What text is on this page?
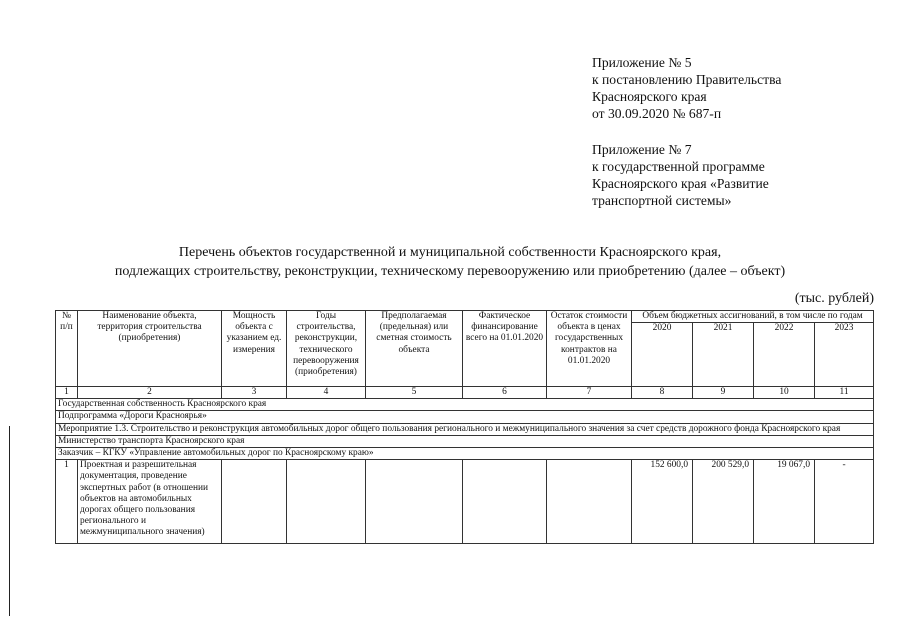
Приложение № 5
к постановлению Правительства
Красноярского края
от 30.09.2020 № 687-п
Приложение № 7
к государственной программе
Красноярского края «Развитие
транспортной системы»
Перечень объектов государственной и муниципальной собственности Красноярского края,
подлежащих строительству, реконструкции, техническому перевооружению или приобретению (далее – объект)
(тыс. рублей)
№ п/п	Наименование объекта, территория строительства (приобретения)	Мощность объекта с указанием ед. измерения	Годы строительства, реконструкции, технического перевооружения (приобретения)	Предполагаемая (предельная) или сметная стоимость объекта	Фактическое финансирование всего на 01.01.2020	Остаток стоимости объекта в ценах государственных контрактов на 01.01.2020	Объем бюджетных ассигнований, в том числе по годам			
							2020	2021	2022	2023
1	2	3	4	5	6	7	8	9	10	11
Государственная собственность Красноярского края										
Подпрограмма «Дороги Красноярья»										
Мероприятие 1.3. Строительство и реконструкция автомобильных дорог общего пользования регионального и межмуниципального значения за счет средств дорожного фонда Красноярского края										
Министерство транспорта Красноярского края										
Заказчик – КГКУ «Управление автомобильных дорог по Красноярскому краю»										
1	Проектная и разрешительная документация, проведение экспертных работ (в отношении объектов на автомобильных дорогах общего пользования регионального и межмуниципального значения)						152 600,0	200 529,0	19 067,0	-
